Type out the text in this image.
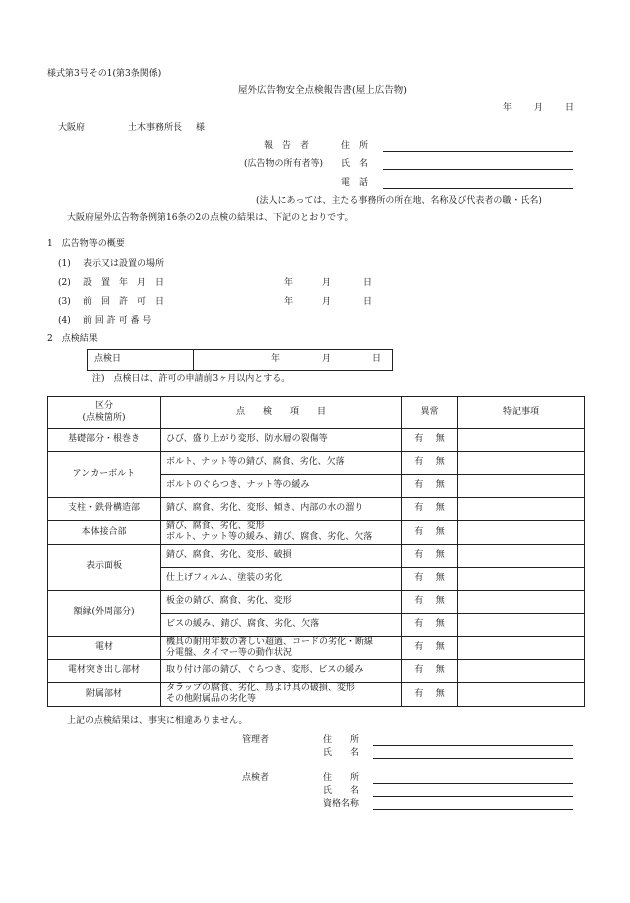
様式第3号その1(第3条関係)
屋外広告物安全点検報告書(屋上広告物)
年 月 日
大阪府	土木事務所長 様
報　告　者	住　所
(広告物の所有者等) 氏　名
電　話
(法人にあっては、主たる事務所の所在地、名称及び代表者の職・氏名)
大阪府屋外広告物条例第16条の2の点検の結果は、下記のとおりです。
1　広告物等の概要
(1) 表示又は設置の場所
(2) 設　置　年　月　日	年	月	日
(3) 前　回　許　可　日	年	月	日
(4) 前 回 許 可 番 号
2　点検結果
点検日	年	月	日
注)　点検日は、許可の申請前3ヶ月以内とする。
区分
(点検箇所)	点　　検　　項　　目	異常	特記事項
基礎部分・根巻き	ひび、盛り上がり変形、防水層の裂傷等	有 無	

アンカーボルト	ボルト、ナット等の錆び、腐食、劣化、欠落	有 無	

	ボルトのぐらつき、ナット等の緩み	有 無	

支柱・鉄骨構造部	錆び、腐食、劣化、変形、傾き、内部の水の溜り	有 無	

本体接合部	錆び、腐食、劣化、変形
ボルト、ナット等の緩み、錆び、腐食、劣化、欠落	有 無	

表示面板	錆び、腐食、劣化、変形、破損	有 無	

	仕上げフィルム、塗装の劣化	有 無	

額縁(外周部分)	板金の錆び、腐食、劣化、変形	有 無	

	ビスの緩み、錆び、腐食、劣化、欠落	有 無	

電材	機具の耐用年数の著しい超過、コードの劣化・断線
分電盤、タイマー等の動作状況	有 無	

電材突き出し部材	取り付け部の錆び、ぐらつき、変形、ビスの緩み	有 無	

附属部材	タラップの腐食、劣化、鳥よけ具の破損、変形
その他附属品の劣化等	有 無	

上記の点検結果は、事実に相違ありません。
管理者	住　　所
氏　　名
点検者	住　　所
氏　　名
資格名称
